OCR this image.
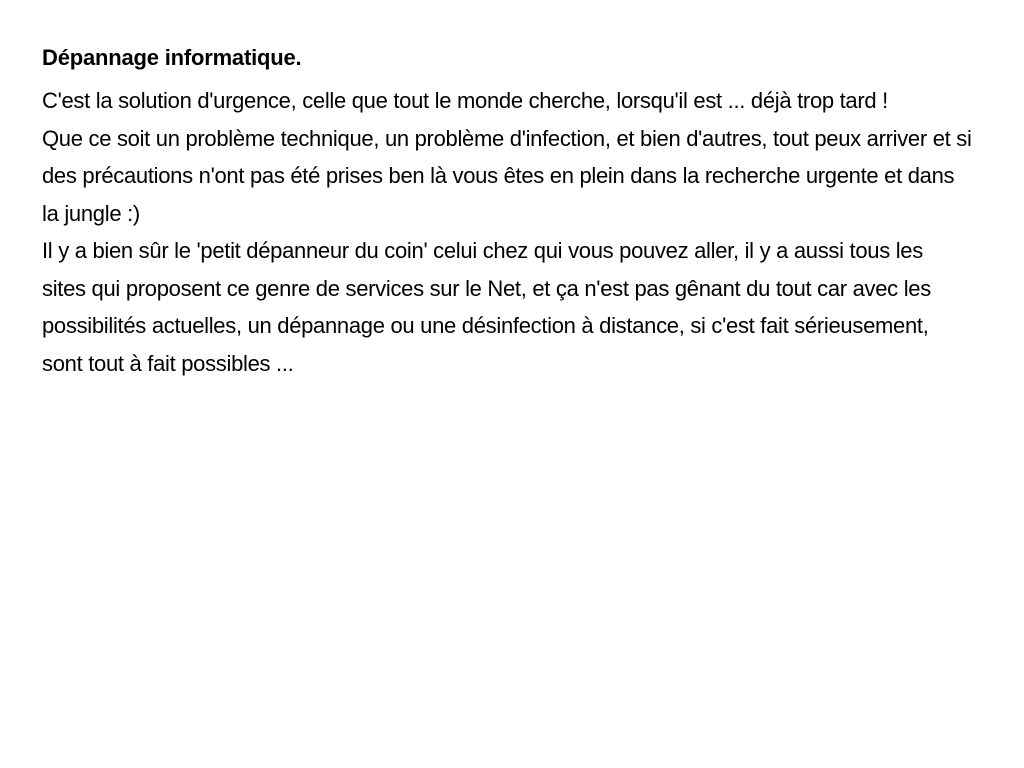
Dépannage informatique.

C'est la solution d'urgence, celle que tout le monde cherche, lorsqu'il est ... déjà trop tard !

Que ce soit un problème technique, un problème d'infection, et bien d'autres, tout peux arriver et si des précautions n'ont pas été prises ben là vous êtes en plein dans la recherche urgente et dans la jungle :)

Il y a bien sûr le 'petit dépanneur du coin' celui chez qui vous pouvez aller, il y a aussi tous les sites qui proposent ce genre de services sur le Net, et ça n'est pas gênant du tout car avec les possibilités actuelles, un dépannage ou une désinfection à distance, si c'est fait sérieusement, sont tout à fait possibles ...
